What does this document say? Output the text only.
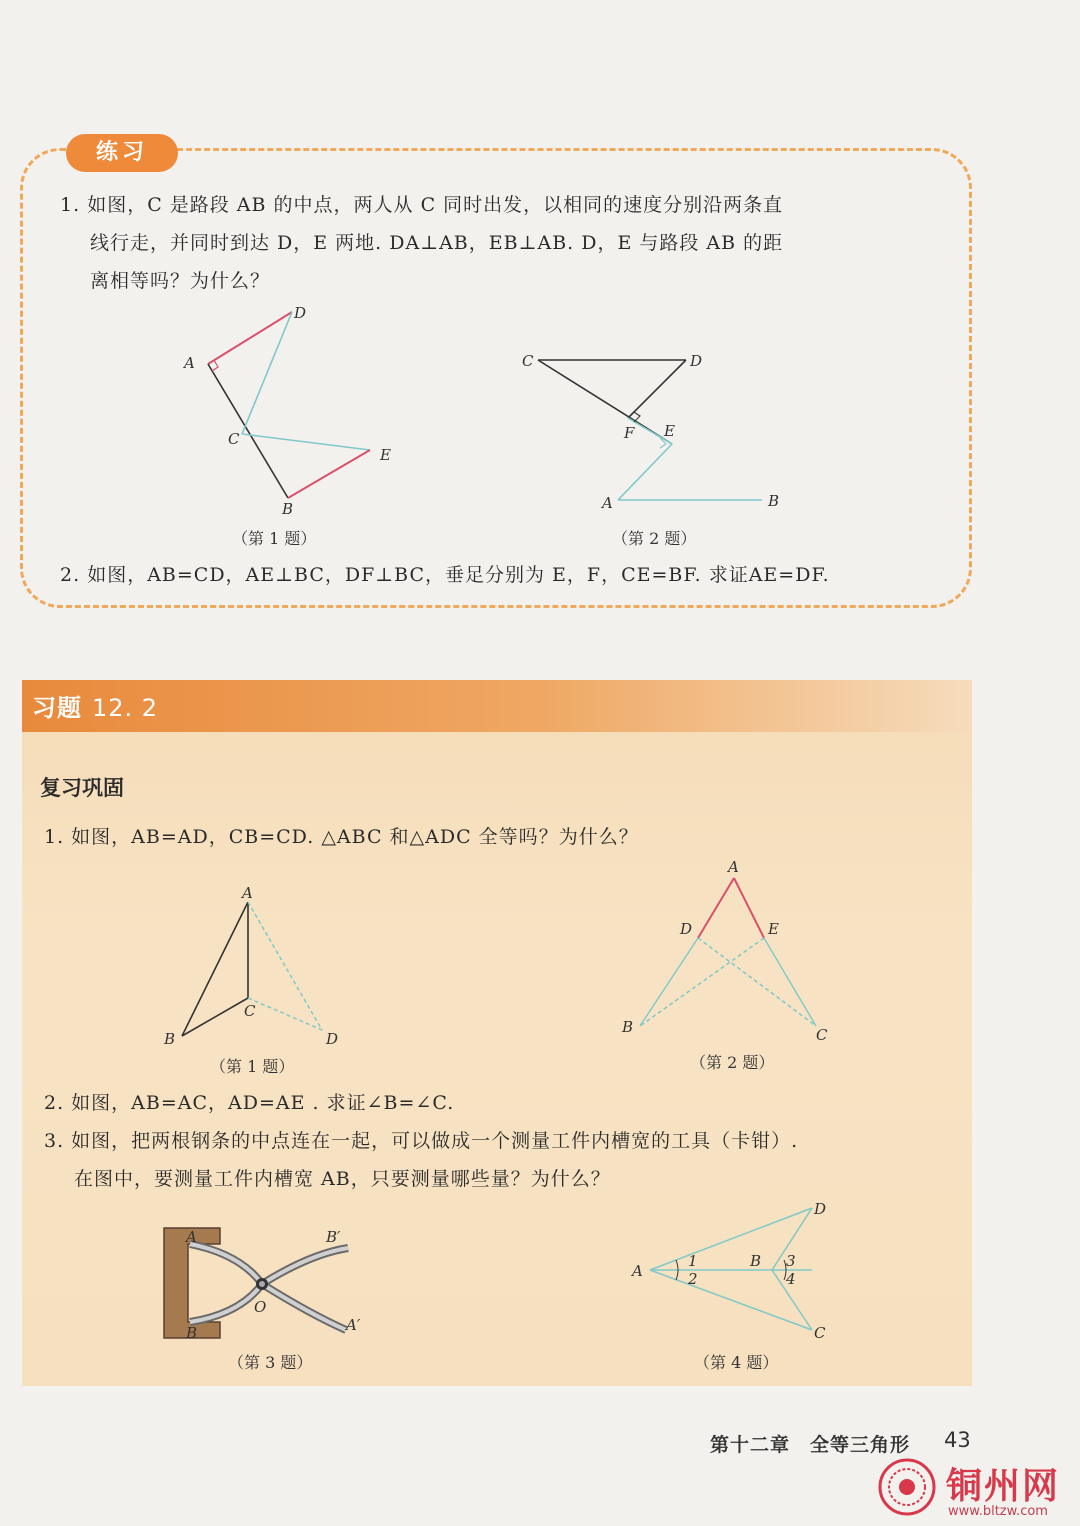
练习
1. 如图，C 是路段 AB 的中点，两人从 C 同时出发，以相同的速度分别沿两条直
线行走，并同时到达 D，E 两地. DA⊥AB，EB⊥AB. D，E 与路段 AB 的距
离相等吗？为什么？
A
D
C
E
B
（第 1 题）
C	D
F E
A	B
（第 2 题）
2. 如图，AB=CD，AE⊥BC，DF⊥BC，垂足分别为 E，F，CE=BF. 求证AE=DF.
习题 12. 2
复习巩固
1. 如图，AB=AD，CB=CD. △ABC 和△ADC 全等吗？为什么？
A
C
B	D
（第 1 题）
A
D	E
B	C
（第 2 题）
2. 如图，AB=AC，AD=AE . 求证∠B=∠C.
3. 如图，把两根钢条的中点连在一起，可以做成一个测量工件内槽宽的工具（卡钳）.
在图中，要测量工件内槽宽 AB，只要测量哪些量？为什么？
A
B
O
B′
A′
（第 3 题）
A
B
D
C
1
2
3
4
（第 4 题）
第十二章　全等三角形 43
铜州网
www.bltzw.com
